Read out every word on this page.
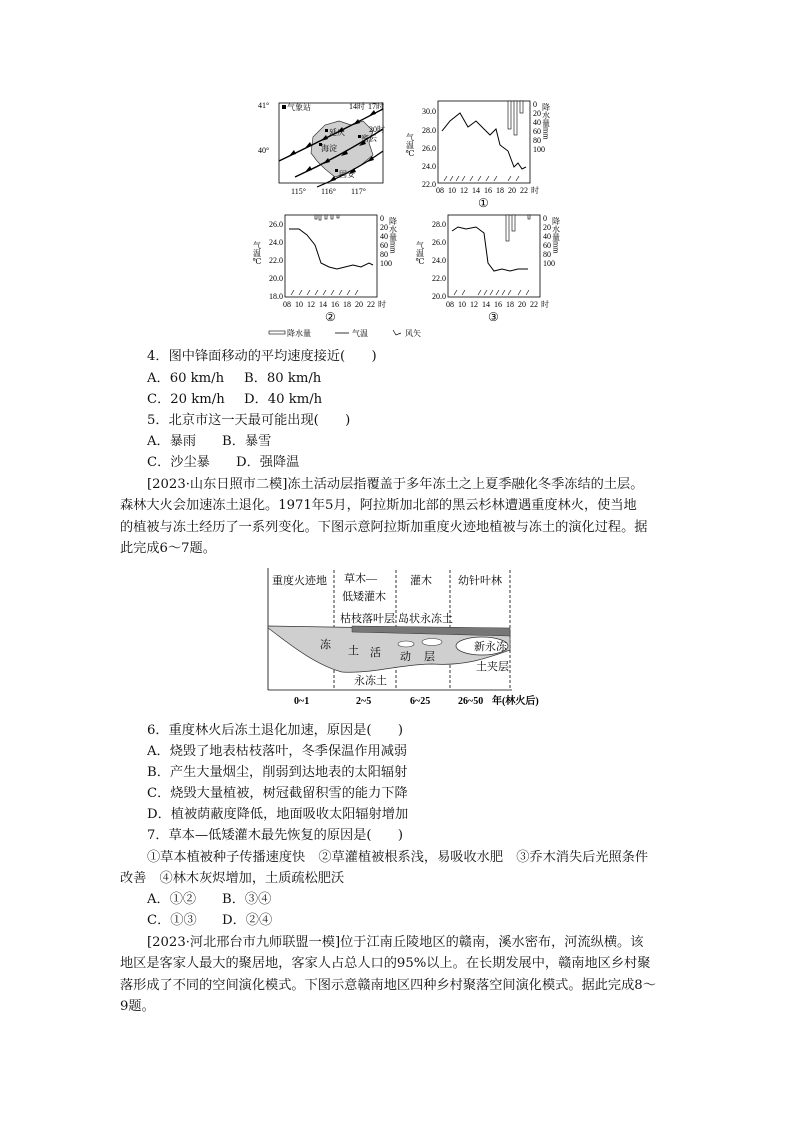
41°
40°
115° 116° 117°
气象站
延庆
海淀
密云
固安
14时 17时
20时
30.0
28.0
26.0
24.0
22.0
气温℃
0
20
40
60
80
100
降水量mm
08 10 12 14 16 18 20 22 时
①
26.0
24.0
22.0
20.0
18.0
气温℃
0
20
40
60
80
100
降水量mm
08 10 12 14 16 18 20 22 时
②
28.0
26.0
24.0
22.0
20.0
气温℃
0
20
40
60
80
100
降水量mm
08 10 12 14 16 18 20 22 时
③
降水量	气温	风矢
4．图中锋面移动的平均速度接近(　　)
A．60 km/h B．80 km/h
C．20 km/h D．40 km/h
5．北京市这一天最可能出现(　　)
A．暴雨 B．暴雪
C．沙尘暴 D．强降温
[2023·山东日照市二模]冻土活动层指覆盖于多年冻土之上夏季融化冬季冻结的土层。
森林大火会加速冻土退化。1971年5月，阿拉斯加北部的黑云杉林遭遇重度林火，使当地
的植被与冻土经历了一系列变化。下图示意阿拉斯加重度火迹地植被与冻土的演化过程。据
此完成6～7题。
重度火迹地 草木—
低矮灌木
灌木 幼针叶林
枯枝落叶层 岛状永冻土
新永冻
土夹层
冻 土 活 动 层
永冻土
0~1	2~5	6~25	26~50 年(林火后)
6．重度林火后冻土退化加速，原因是(　　)
A．烧毁了地表枯枝落叶，冬季保温作用减弱
B．产生大量烟尘，削弱到达地表的太阳辐射
C．烧毁大量植被，树冠截留积雪的能力下降
D．植被荫蔽度降低，地面吸收太阳辐射增加
7．草本—低矮灌木最先恢复的原因是(　　)
①草本植被种子传播速度快　②草灌植被根系浅，易吸收水肥　③乔木消失后光照条件
改善　④林木灰烬增加，土质疏松肥沃
A．①② B．③④
C．①③ D．②④
[2023·河北邢台市九师联盟一模]位于江南丘陵地区的赣南，溪水密布，河流纵横。该
地区是客家人最大的聚居地，客家人占总人口的95%以上。在长期发展中，赣南地区乡村聚
落形成了不同的空间演化模式。下图示意赣南地区四种乡村聚落空间演化模式。据此完成8～
9题。
